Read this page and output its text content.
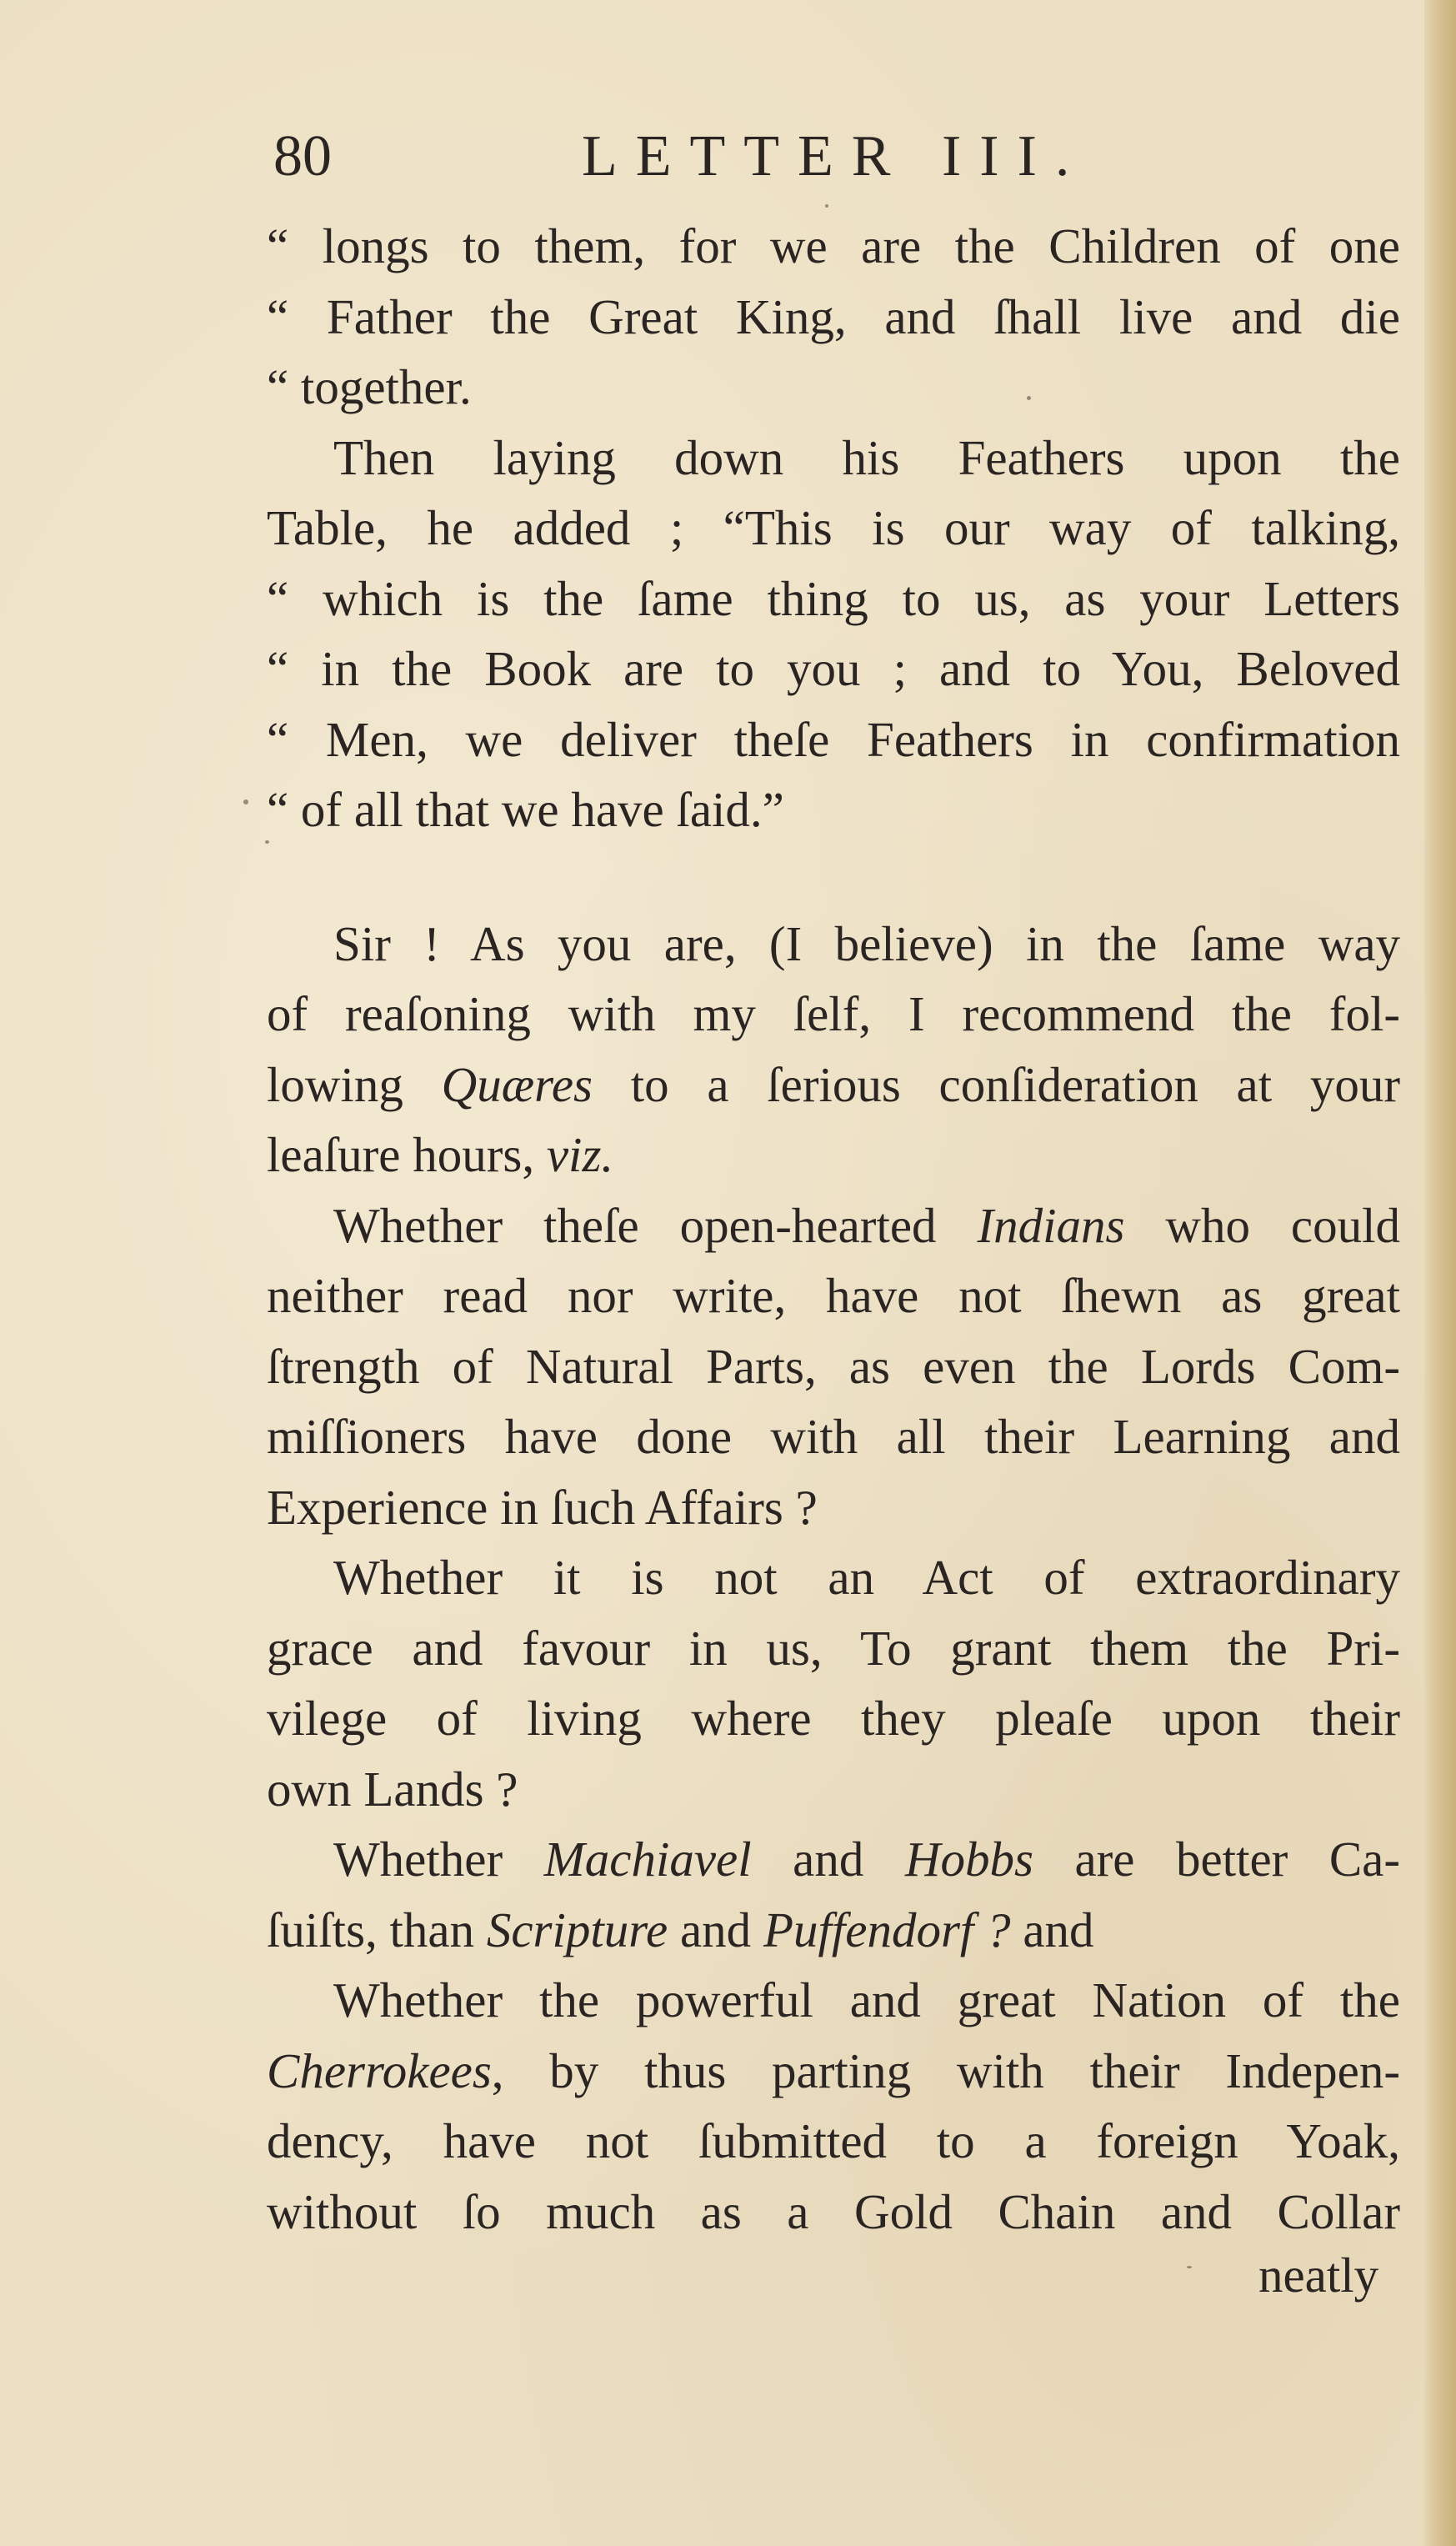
80	LETTER III.
“ longs to them, for we are the Children of one
“ Father the Great King, and ſhall live and die
“ together.
Then laying down his Feathers upon the
Table, he added ; “This is our way of talking,
“ which is the ſame thing to us, as your Letters
“ in the Book are to you ; and to You, Beloved
“ Men, we deliver theſe Feathers in confirmation
“ of all that we have ſaid.”
Sir ! As you are, (I believe) in the ſame way
of reaſoning with my ſelf, I recommend the fol-
lowing Quæres to a ſerious conſideration at your
leaſure hours, viz.
Whether theſe open-hearted Indians who could
neither read nor write, have not ſhewn as great
ſtrength of Natural Parts, as even the Lords Com-
miſſioners have done with all their Learning and
Experience in ſuch Affairs ?
Whether it is not an Act of extraordinary
grace and favour in us, To grant them the Pri-
vilege of living where they pleaſe upon their
own Lands ?
Whether Machiavel and Hobbs are better Ca-
ſuiſts, than Scripture and Puffendorf ? and
Whether the powerful and great Nation of the
Cherrokees, by thus parting with their Indepen-
dency, have not ſubmitted to a foreign Yoak,
without ſo much as a Gold Chain and Collar
neatly
